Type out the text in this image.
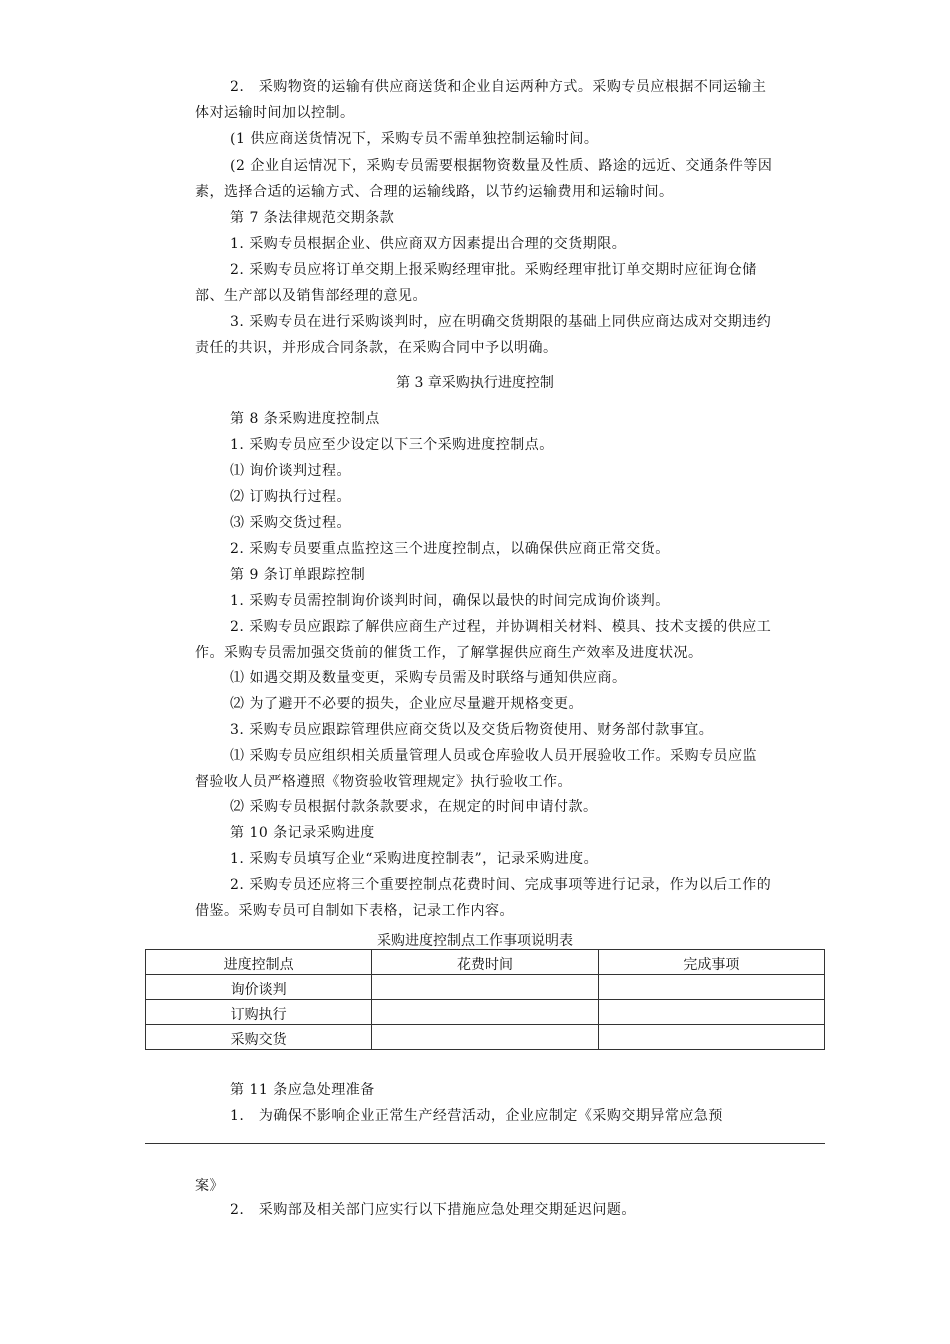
2.　采购物资的运输有供应商送货和企业自运两种方式。采购专员应根据不同运输主
体对运输时间加以控制。
(1 供应商送货情况下，采购专员不需单独控制运输时间。
(2 企业自运情况下，采购专员需要根据物资数量及性质、路途的远近、交通条件等因
素，选择合适的运输方式、合理的运输线路，以节约运输费用和运输时间。
第 7 条法律规范交期条款
1. 采购专员根据企业、供应商双方因素提出合理的交货期限。
2. 采购专员应将订单交期上报采购经理审批。采购经理审批订单交期时应征询仓储
部、生产部以及销售部经理的意见。
3. 采购专员在进行采购谈判时，应在明确交货期限的基础上同供应商达成对交期违约
责任的共识，并形成合同条款，在采购合同中予以明确。
第 3 章采购执行进度控制
第 8 条采购进度控制点
1. 采购专员应至少设定以下三个采购进度控制点。
⑴ 询价谈判过程。
⑵ 订购执行过程。
⑶ 采购交货过程。
2. 采购专员要重点监控这三个进度控制点，以确保供应商正常交货。
第 9 条订单跟踪控制
1. 采购专员需控制询价谈判时间，确保以最快的时间完成询价谈判。
2. 采购专员应跟踪了解供应商生产过程，并协调相关材料、模具、技术支援的供应工
作。采购专员需加强交货前的催货工作，了解掌握供应商生产效率及进度状况。
⑴ 如遇交期及数量变更，采购专员需及时联络与通知供应商。
⑵ 为了避开不必要的损失，企业应尽量避开规格变更。
3. 采购专员应跟踪管理供应商交货以及交货后物资使用、财务部付款事宜。
⑴ 采购专员应组织相关质量管理人员或仓库验收人员开展验收工作。采购专员应监
督验收人员严格遵照《物资验收管理规定》执行验收工作。
⑵ 采购专员根据付款条款要求，在规定的时间申请付款。
第 10 条记录采购进度
1. 采购专员填写企业“采购进度控制表”，记录采购进度。
2. 采购专员还应将三个重要控制点花费时间、完成事项等进行记录，作为以后工作的
借鉴。采购专员可自制如下表格，记录工作内容。
采购进度控制点工作事项说明表
进度控制点	花费时间	完成事项
询价谈判		
订购执行		
采购交货		
第 11 条应急处理准备
1.　为确保不影响企业正常生产经营活动，企业应制定《采购交期异常应急预
案》
2.　采购部及相关部门应实行以下措施应急处理交期延迟问题。
